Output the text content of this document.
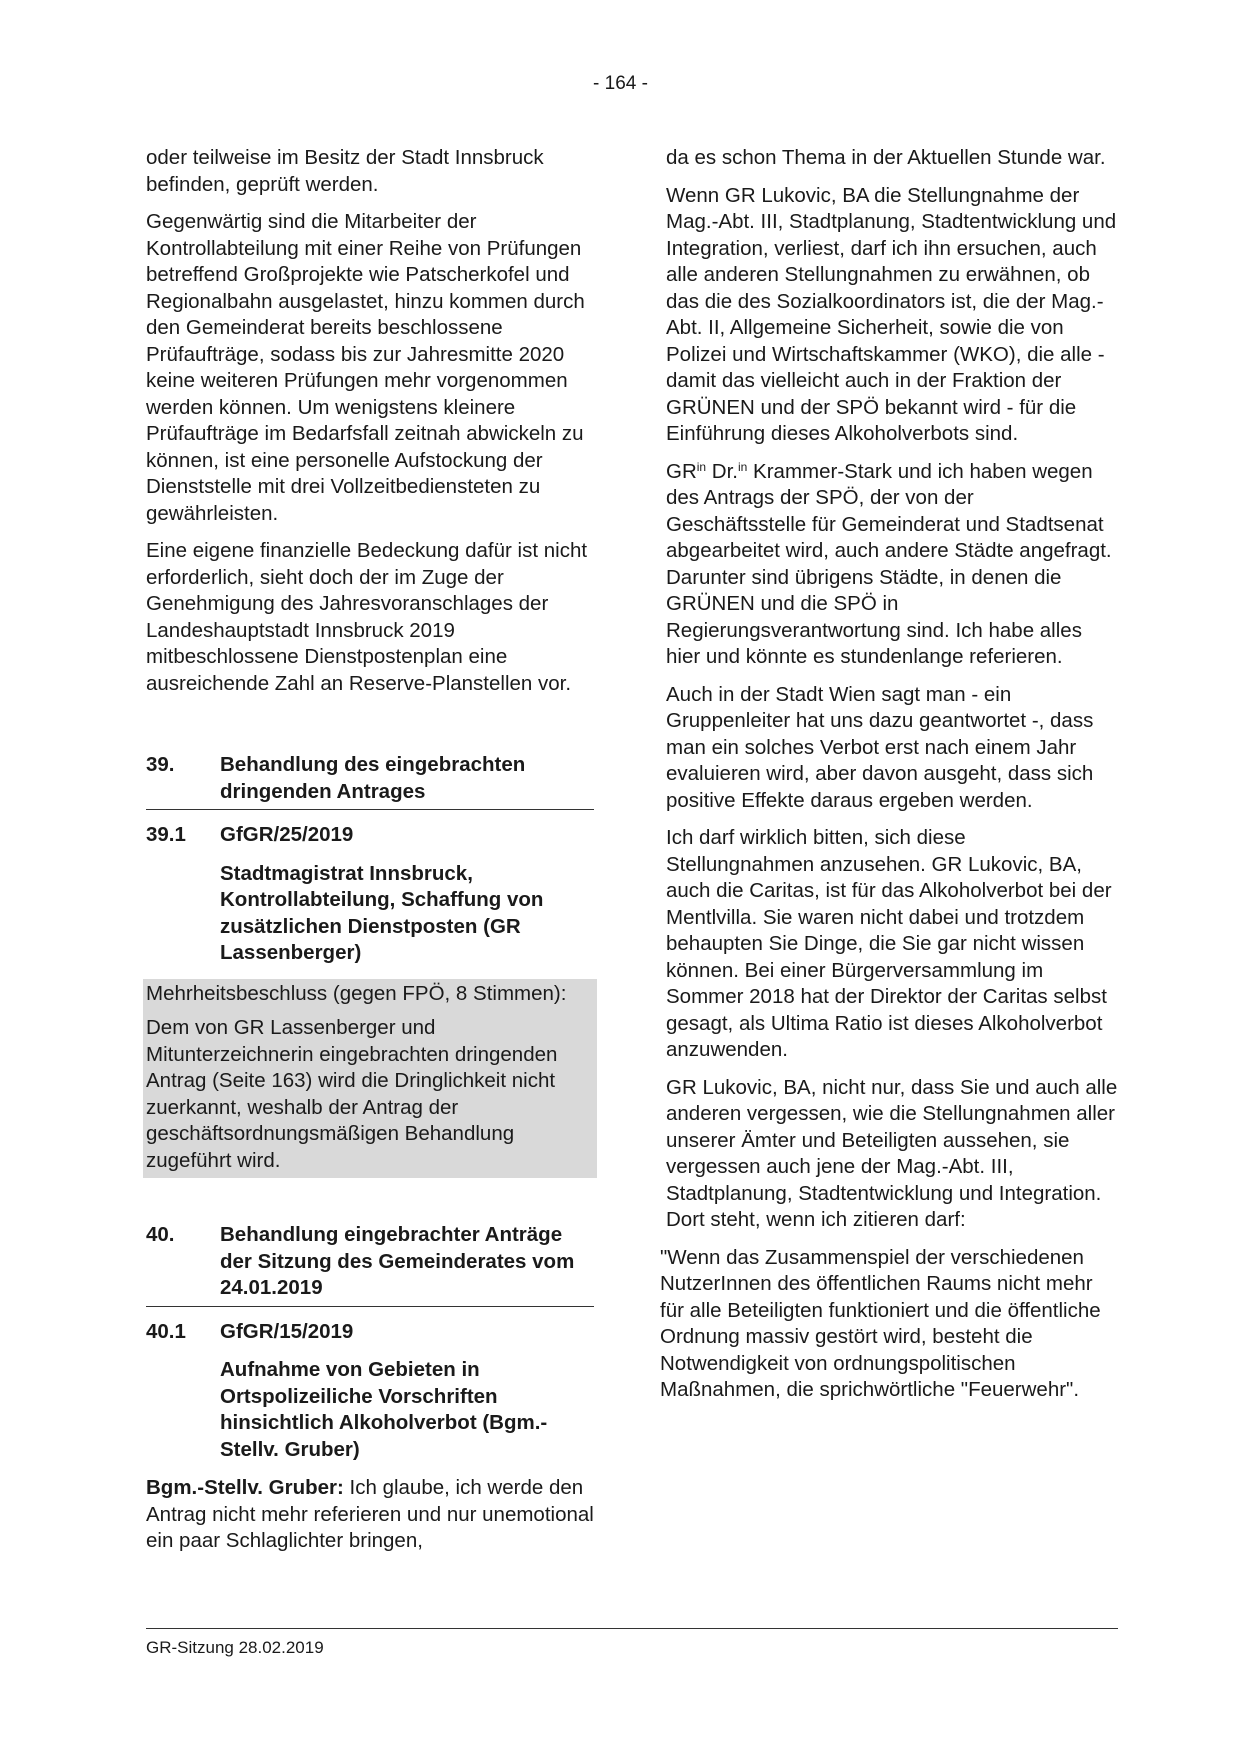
- 164 -

oder teilweise im Besitz der Stadt Innsbruck befinden, geprüft werden.

Gegenwärtig sind die Mitarbeiter der Kontrollabteilung mit einer Reihe von Prüfungen betreffend Großprojekte wie Patscherkofel und Regionalbahn ausgelastet, hinzu kommen durch den Gemeinderat bereits beschlossene Prüfaufträge, sodass bis zur Jahresmitte 2020 keine weiteren Prüfungen mehr vorgenommen werden können. Um wenigstens kleinere Prüfaufträge im Bedarfsfall zeitnah abwickeln zu können, ist eine personelle Aufstockung der Dienststelle mit drei Vollzeitbediensteten zu gewährleisten.

Eine eigene finanzielle Bedeckung dafür ist nicht erforderlich, sieht doch der im Zuge der Genehmigung des Jahresvoranschlages der Landeshauptstadt Innsbruck 2019 mitbeschlossene Dienstpostenplan eine ausreichende Zahl an Reserve-Planstellen vor.

39.	Behandlung des eingebrachten dringenden Antrages
39.1	GfGR/25/2019
Stadtmagistrat Innsbruck, Kontrollabteilung, Schaffung von zusätzlichen Dienstposten (GR Lassenberger)

Mehrheitsbeschluss (gegen FPÖ, 8 Stimmen):

Dem von GR Lassenberger und Mitunterzeichnerin eingebrachten dringenden Antrag (Seite 163) wird die Dringlichkeit nicht zuerkannt, weshalb der Antrag der geschäftsordnungsmäßigen Behandlung zugeführt wird.

40.	Behandlung eingebrachter Anträge der Sitzung des Gemeinderates vom 24.01.2019
40.1	GfGR/15/2019
Aufnahme von Gebieten in Ortspolizeiliche Vorschriften hinsichtlich Alkoholverbot (Bgm.-Stellv. Gruber)

Bgm.-Stellv. Gruber: Ich glaube, ich werde den Antrag nicht mehr referieren und nur unemotional ein paar Schlaglichter bringen,

da es schon Thema in der Aktuellen Stunde war.

Wenn GR Lukovic, BA die Stellungnahme der Mag.-Abt. III, Stadtplanung, Stadtentwicklung und Integration, verliest, darf ich ihn ersuchen, auch alle anderen Stellungnahmen zu erwähnen, ob das die des Sozialkoordinators ist, die der Mag.-Abt. II, Allgemeine Sicherheit, sowie die von Polizei und Wirtschaftskammer (WKO), die alle - damit das vielleicht auch in der Fraktion der GRÜNEN und der SPÖ bekannt wird - für die Einführung dieses Alkoholverbots sind.

$GR^{in}$ Dr.$^{in}$ Krammer-Stark und ich haben wegen des Antrags der SPÖ, der von der Geschäftsstelle für Gemeinderat und Stadtsenat abgearbeitet wird, auch andere Städte angefragt. Darunter sind übrigens Städte, in denen die GRÜNEN und die SPÖ in Regierungsverantwortung sind. Ich habe alles hier und könnte es stundenlange referieren.

Auch in der Stadt Wien sagt man - ein Gruppenleiter hat uns dazu geantwortet -, dass man ein solches Verbot erst nach einem Jahr evaluieren wird, aber davon ausgeht, dass sich positive Effekte daraus ergeben werden.

Ich darf wirklich bitten, sich diese Stellungnahmen anzusehen. GR Lukovic, BA, auch die Caritas, ist für das Alkoholverbot bei der Mentlvilla. Sie waren nicht dabei und trotzdem behaupten Sie Dinge, die Sie gar nicht wissen können. Bei einer Bürgerversammlung im Sommer 2018 hat der Direktor der Caritas selbst gesagt, als Ultima Ratio ist dieses Alkoholverbot anzuwenden.

GR Lukovic, BA, nicht nur, dass Sie und auch alle anderen vergessen, wie die Stellungnahmen aller unserer Ämter und Beteiligten aussehen, sie vergessen auch jene der Mag.-Abt. III, Stadtplanung, Stadtentwicklung und Integration. Dort steht, wenn ich zitieren darf:

"Wenn das Zusammenspiel der verschiedenen NutzerInnen des öffentlichen Raums nicht mehr für alle Beteiligten funktioniert und die öffentliche Ordnung massiv gestört wird, besteht die Notwendigkeit von ordnungspolitischen Maßnahmen, die sprichwörtliche "Feuerwehr".

GR-Sitzung 28.02.2019
